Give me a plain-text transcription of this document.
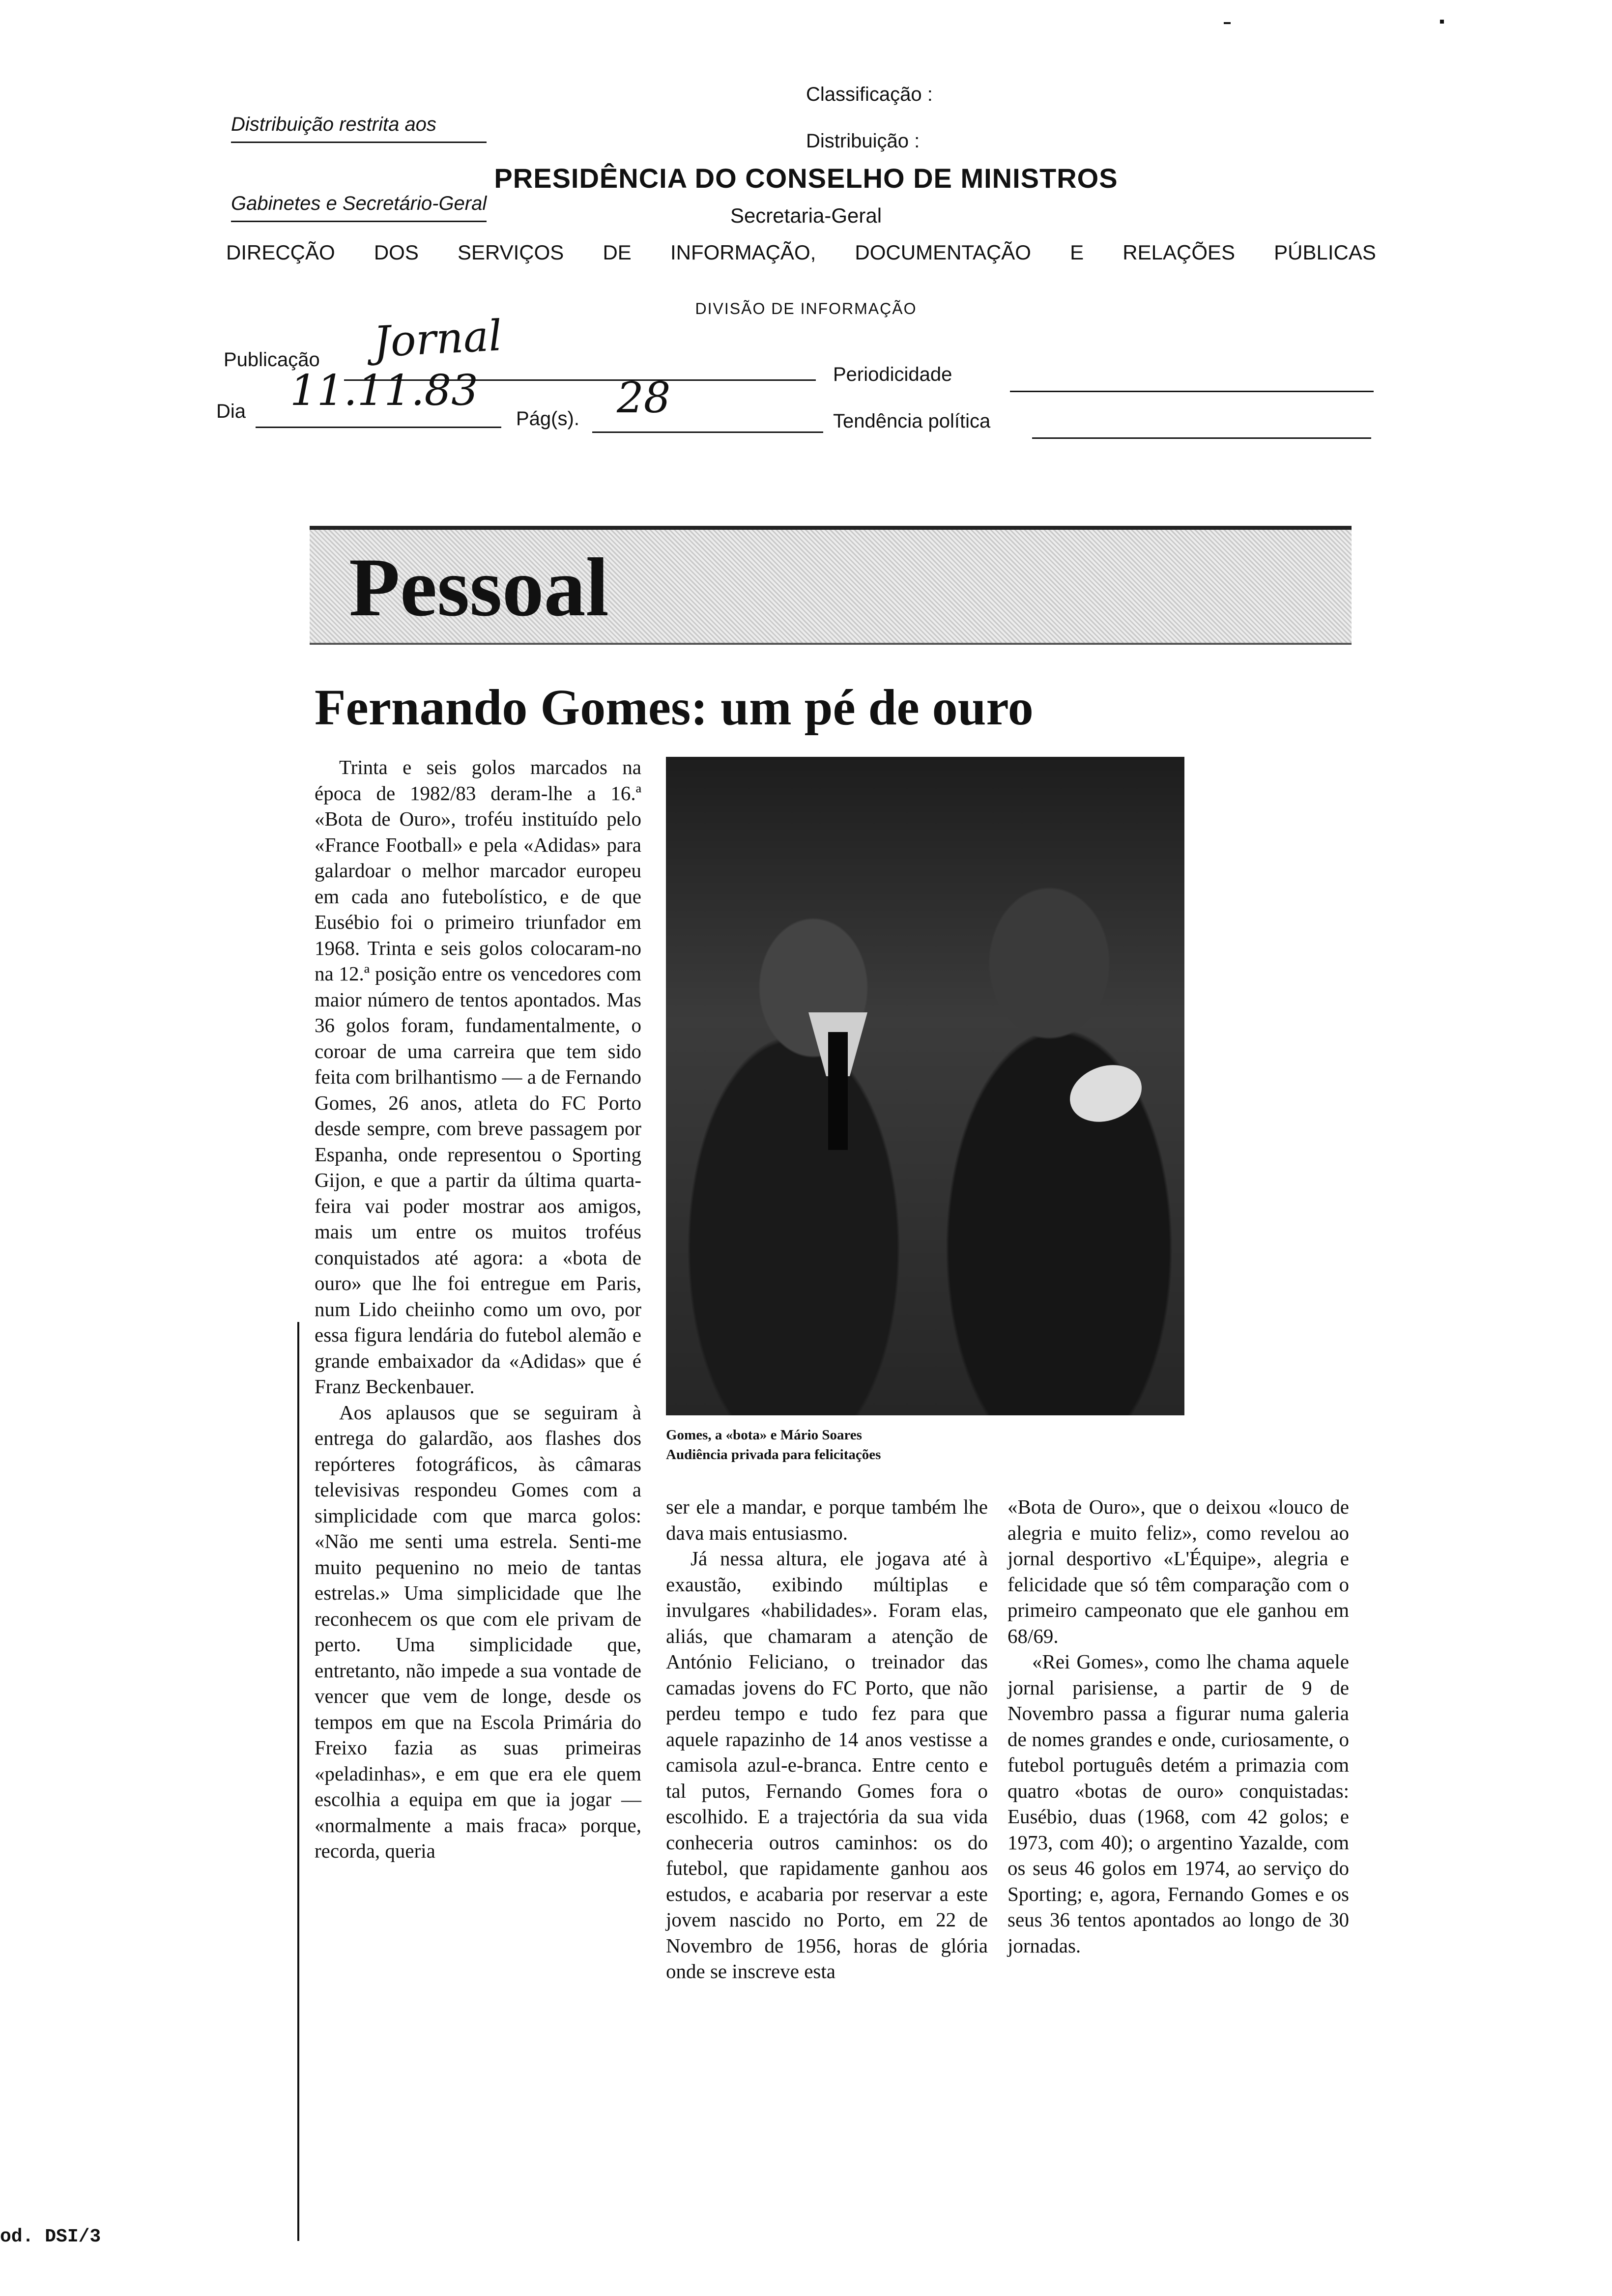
Distribuição restrita aos

Gabinetes e Secretário-Geral

Classificação :
Distribuição :
PRESIDÊNCIA DO CONSELHO DE MINISTROS
Secretaria-Geral
DIRECÇÃO DOS SERVIÇOS DE INFORMAÇÃO, DOCUMENTAÇÃO E RELAÇÕES PÚBLICAS
DIVISÃO DE INFORMAÇÃO
Publicação Jornal
Periodicidade
Dia 11.11.83
Pág(s). 28	Tendência política
Pessoal
Fernando Gomes: um pé de ouro

Trinta e seis golos marcados na época de 1982/83 deram-lhe a 16.ª «Bota de Ouro», troféu instituído pelo «France Football» e pela «Adidas» para galardoar o melhor marcador europeu em cada ano futebolístico, e de que Eusébio foi o primeiro triunfador em 1968. Trinta e seis golos colocaram-no na 12.ª posição entre os vencedores com maior número de tentos apontados. Mas 36 golos foram, fundamentalmente, o coroar de uma carreira que tem sido feita com brilhantismo — a de Fernando Gomes, 26 anos, atleta do FC Porto desde sempre, com breve passagem por Espanha, onde representou o Sporting Gijon, e que a partir da última quarta-feira vai poder mostrar aos amigos, mais um entre os muitos troféus conquistados até agora: a «bota de ouro» que lhe foi entregue em Paris, num Lido cheiinho como um ovo, por essa figura lendária do futebol alemão e grande embaixador da «Adidas» que é Franz Beckenbauer.

Aos aplausos que se seguiram à entrega do galardão, aos flashes dos repórteres fotográficos, às câmaras televisivas respondeu Gomes com a simplicidade com que marca golos: «Não me senti uma estrela. Senti-me muito pequenino no meio de tantas estrelas.» Uma simplicidade que lhe reconhecem os que com ele privam de perto. Uma simplicidade que, entretanto, não impede a sua vontade de vencer que vem de longe, desde os tempos em que na Escola Primária do Freixo fazia as suas primeiras «peladinhas», e em que era ele quem escolhia a equipa em que ia jogar — «normalmente a mais fraca» porque, recorda, queria

Gomes, a «bota» e Mário Soares
Audiência privada para felicitações

ser ele a mandar, e porque também lhe dava mais entusiasmo.

Já nessa altura, ele jogava até à exaustão, exibindo múltiplas e invulgares «habilidades». Foram elas, aliás, que chamaram a atenção de António Feliciano, o treinador das camadas jovens do FC Porto, que não perdeu tempo e tudo fez para que aquele rapazinho de 14 anos vestisse a camisola azul-e-branca. Entre cento e tal putos, Fernando Gomes fora o escolhido. E a trajectória da sua vida conheceria outros caminhos: os do futebol, que rapidamente ganhou aos estudos, e acabaria por reservar a este jovem nascido no Porto, em 22 de Novembro de 1956, horas de glória onde se inscreve esta

«Bota de Ouro», que o deixou «louco de alegria e muito feliz», como revelou ao jornal desportivo «L'Équipe», alegria e felicidade que só têm comparação com o primeiro campeonato que ele ganhou em 68/69.

«Rei Gomes», como lhe chama aquele jornal parisiense, a partir de 9 de Novembro passa a figurar numa galeria de nomes grandes e onde, curiosamente, o futebol português detém a primazia com quatro «botas de ouro» conquistadas: Eusébio, duas (1968, com 42 golos; e 1973, com 40); o argentino Yazalde, com os seus 46 golos em 1974, ao serviço do Sporting; e, agora, Fernando Gomes e os seus 36 tentos apontados ao longo de 30 jornadas.

od. DSI/3
